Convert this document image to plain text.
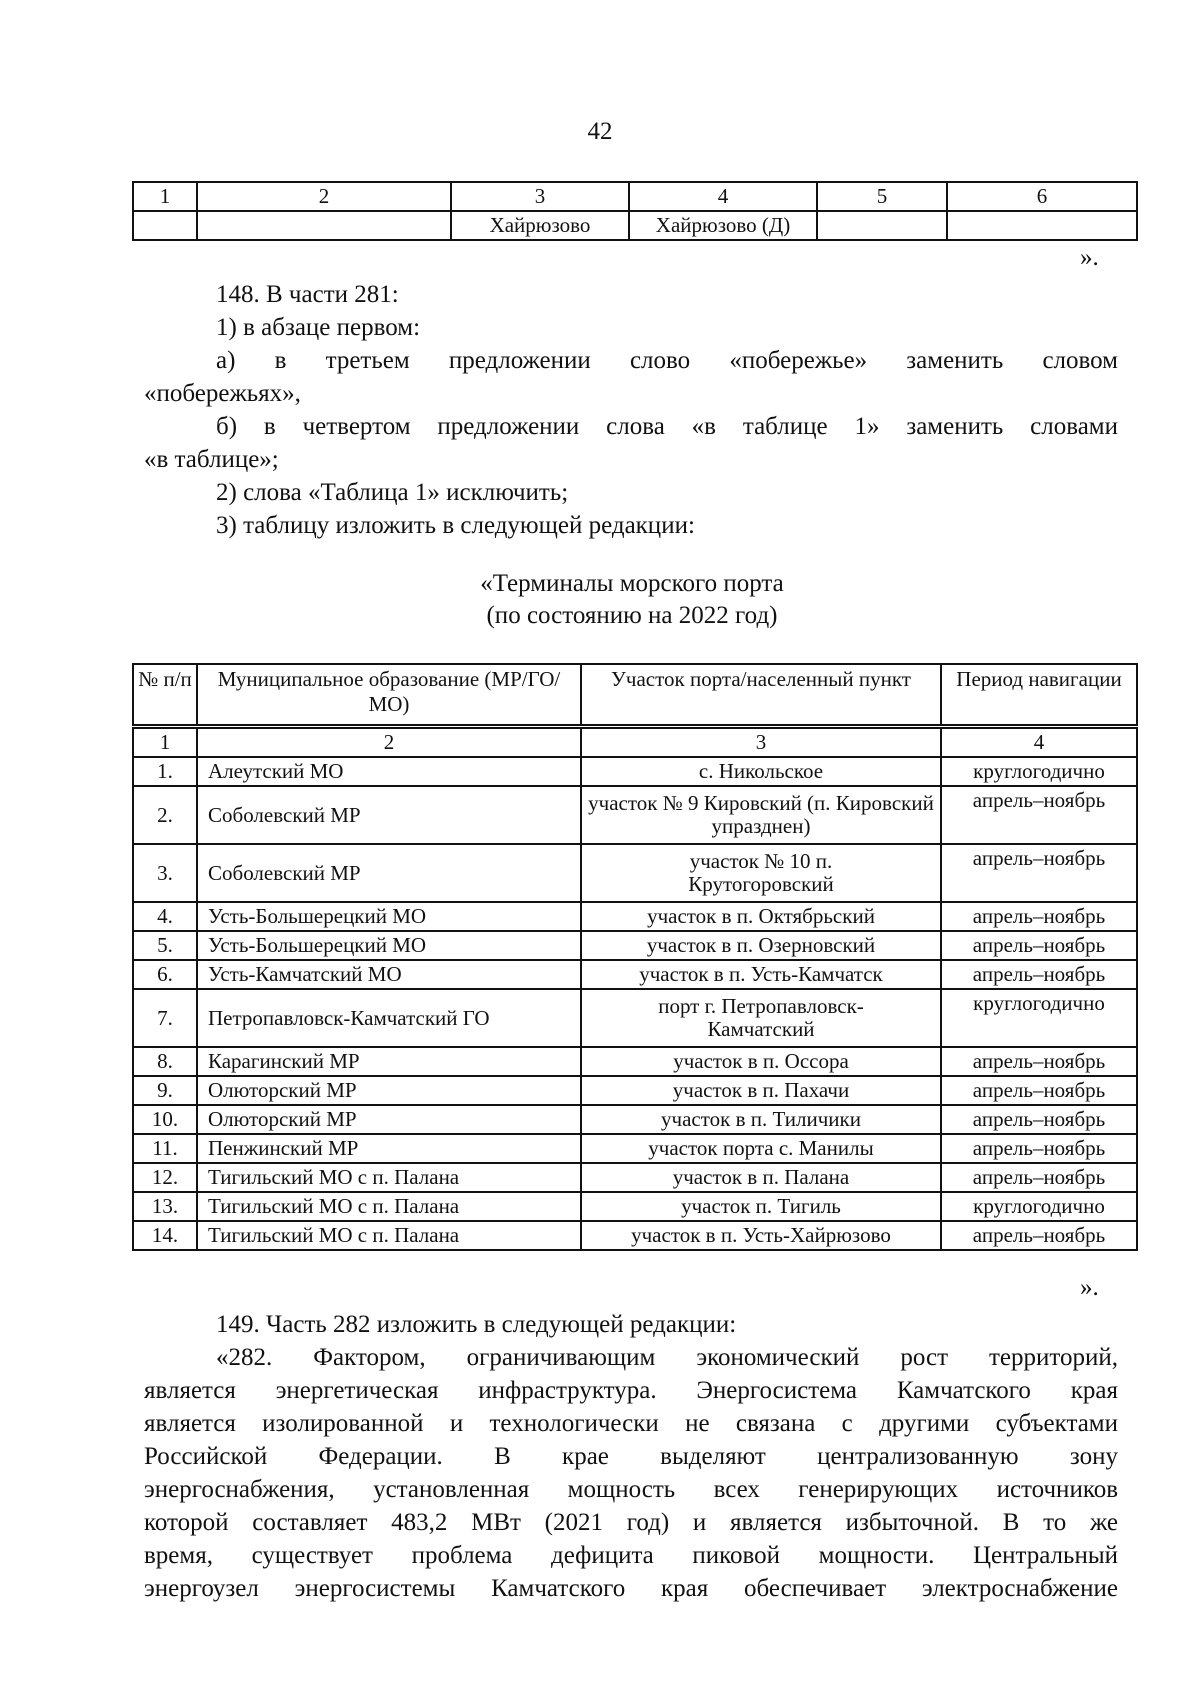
42
1	2	3	4	5	6
		Хайрюзово	Хайрюзово (Д)		
».
148. В части 281:
1) в абзаце первом:
а) в третьем предложении слово «побережье» заменить словом
«побережьях»,
б) в четвертом предложении слова «в таблице 1» заменить словами
«в таблице»;
2) слова «Таблица 1» исключить;
3) таблицу изложить в следующей редакции:
«Терминалы морского порта
(по состоянию на 2022 год)
№ п/п	Муниципальное образование (МР/ГО/МО)	Участок порта/населенный пункт	Период навигации
1	2	3	4
1.	Алеутский МО	с. Никольское	круглогодично
2.	Соболевский МР	участок № 9 Кировский (п. Кировский упразднен)	апрель–ноябрь
3.	Соболевский МР	участок № 10 п. Крутогоровский	апрель–ноябрь
4.	Усть-Большерецкий МО	участок в п. Октябрьский	апрель–ноябрь
5.	Усть-Большерецкий МО	участок в п. Озерновский	апрель–ноябрь
6.	Усть-Камчатский МО	участок в п. Усть-Камчатск	апрель–ноябрь
7.	Петропавловск-Камчатский ГО	порт г. Петропавловск-Камчатский	круглогодично
8.	Карагинский МР	участок в п. Оссора	апрель–ноябрь
9.	Олюторский МР	участок в п. Пахачи	апрель–ноябрь
10.	Олюторский МР	участок в п. Тиличики	апрель–ноябрь
11.	Пенжинский МР	участок порта с. Манилы	апрель–ноябрь
12.	Тигильский МО с п. Палана	участок в п. Палана	апрель–ноябрь
13.	Тигильский МО с п. Палана	участок п. Тигиль	круглогодично
14.	Тигильский МО с п. Палана	участок в п. Усть-Хайрюзово	апрель–ноябрь
».
149. Часть 282 изложить в следующей редакции:
«282. Фактором, ограничивающим экономический рост территорий,
является энергетическая инфраструктура. Энергосистема Камчатского края
является изолированной и технологически не связана с другими субъектами
Российской Федерации. В крае выделяют централизованную зону
энергоснабжения, установленная мощность всех генерирующих источников
которой составляет 483,2 МВт (2021 год) и является избыточной. В то же
время, существует проблема дефицита пиковой мощности. Центральный
энергоузел энергосистемы Камчатского края обеспечивает электроснабжение
